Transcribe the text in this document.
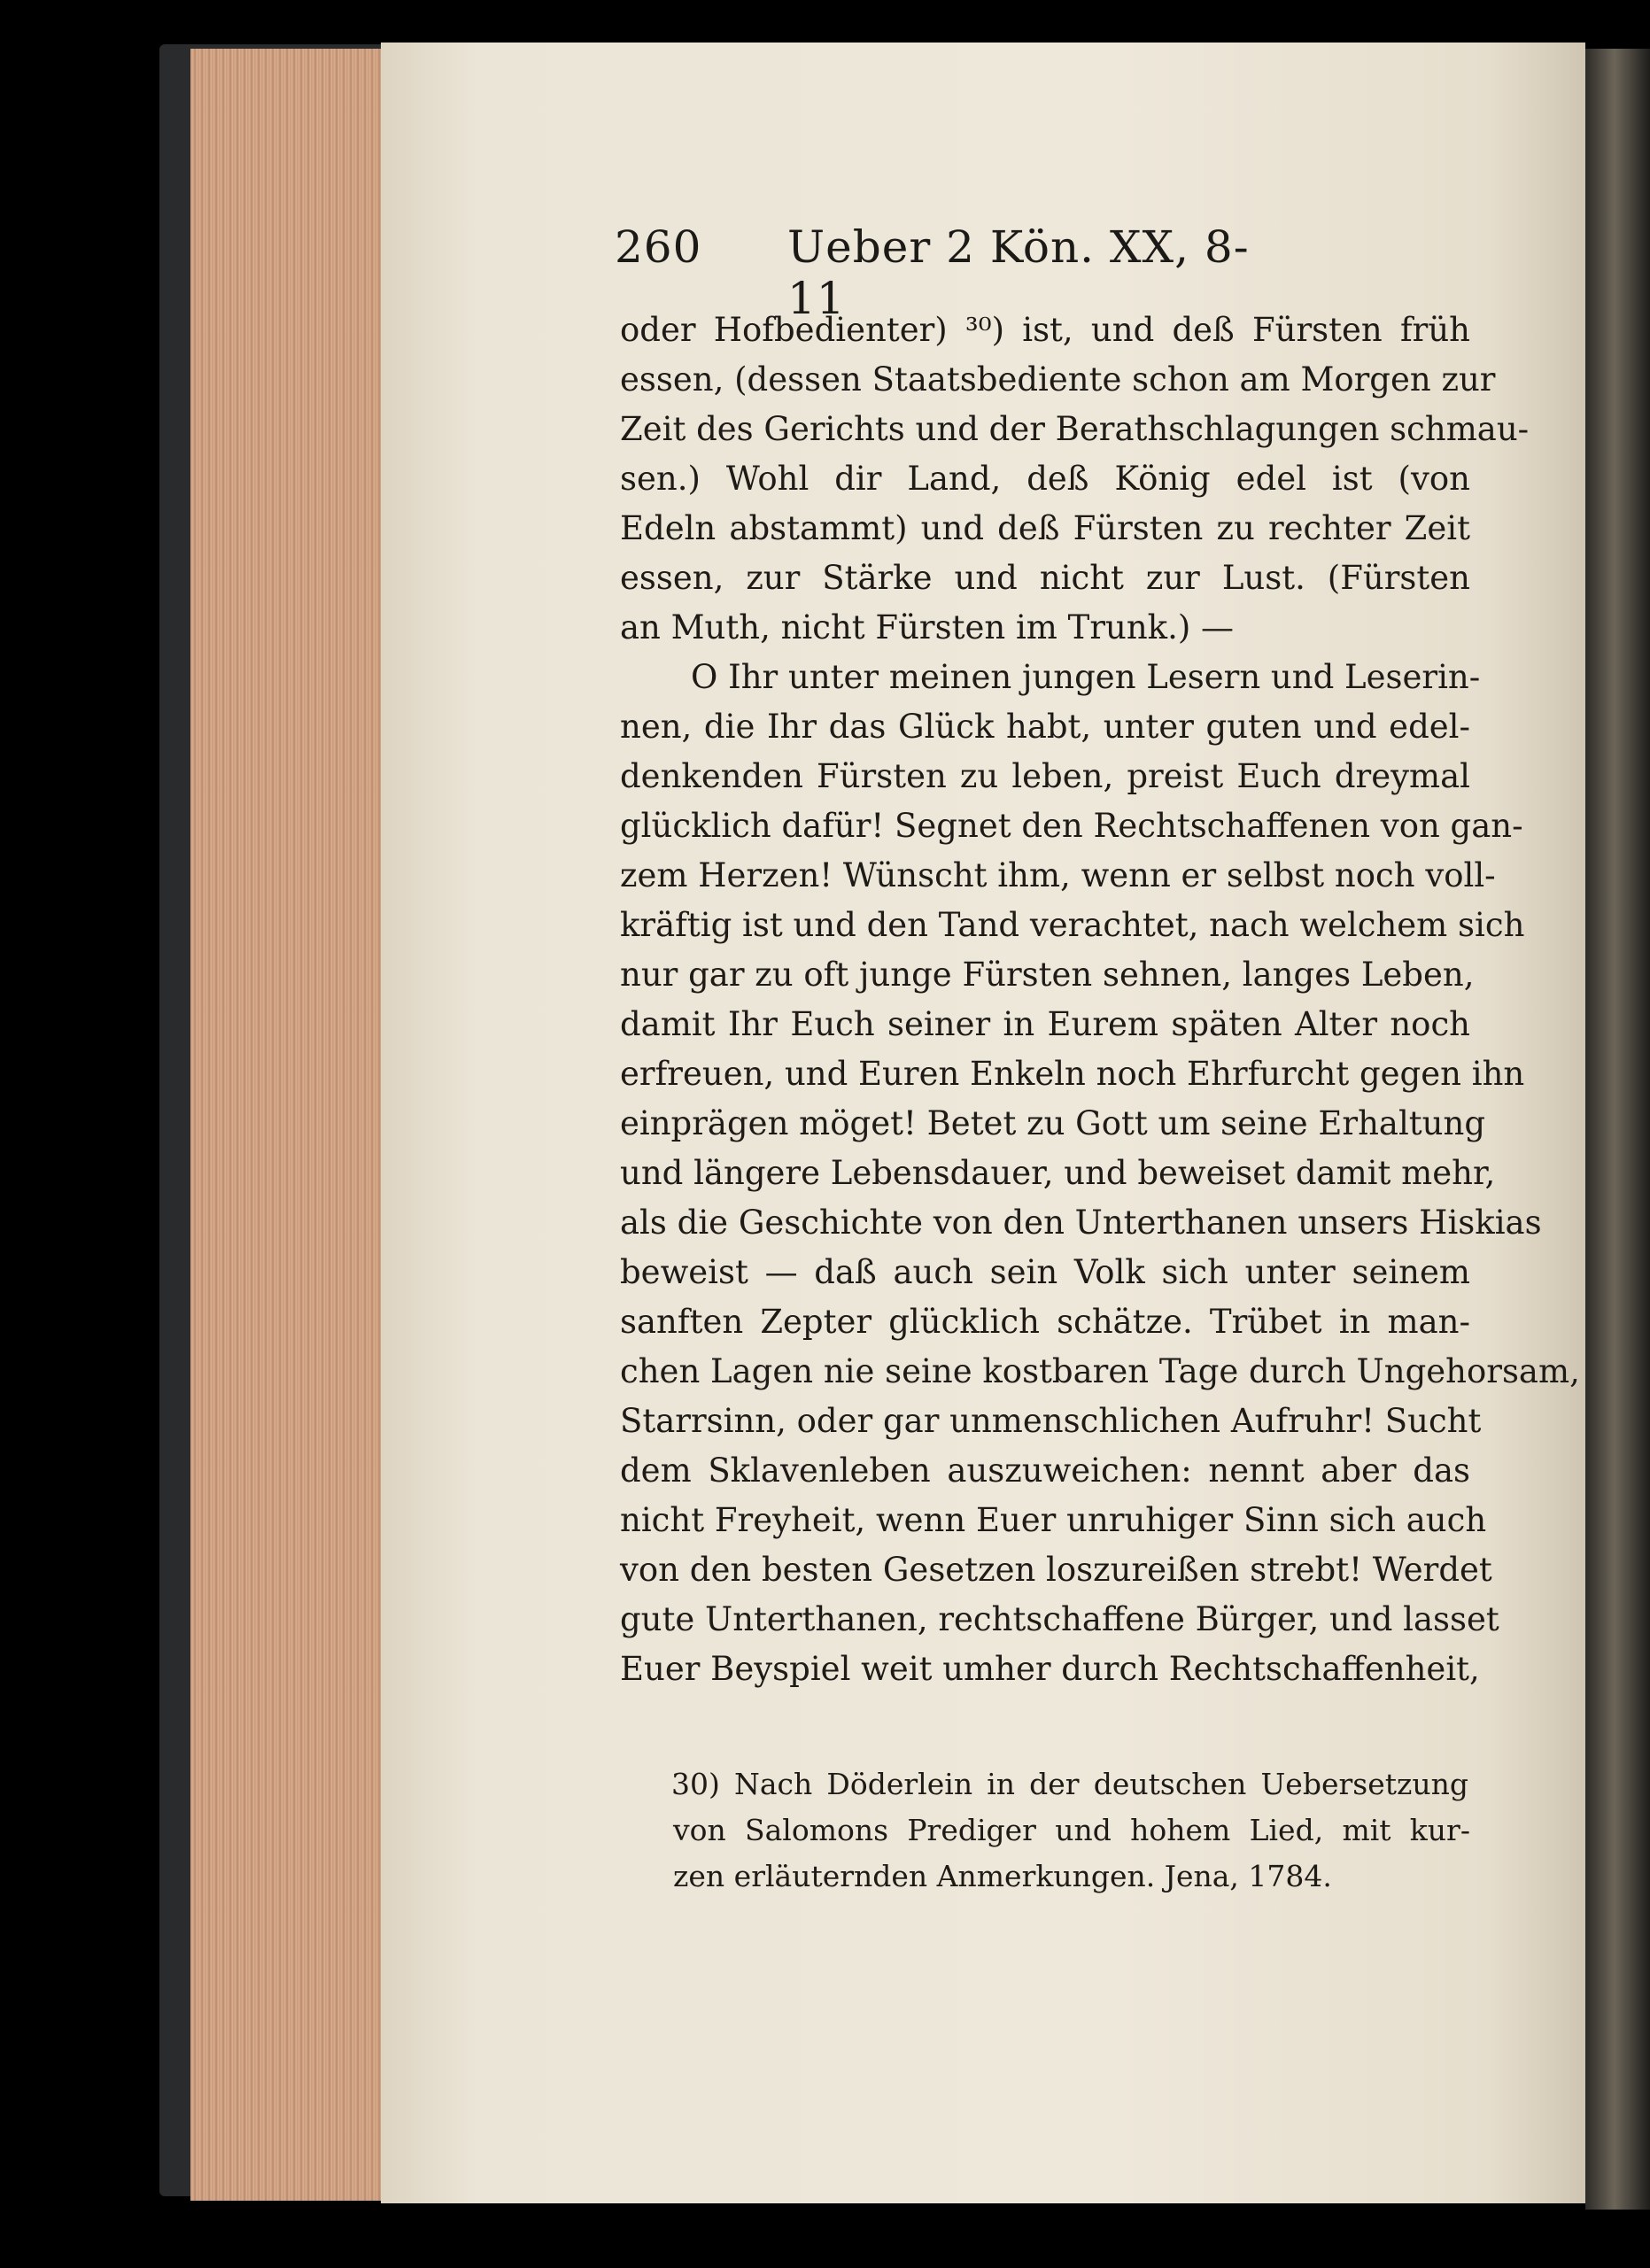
260 Ueber 2 Kön. XX, 8-11
oder Hofbedienter) ³⁰) ist, und deß Fürsten früh
essen, (dessen Staatsbediente schon am Morgen zur
Zeit des Gerichts und der Berathschlagungen schmau-
sen.) Wohl dir Land, deß König edel ist (von
Edeln abstammt) und deß Fürsten zu rechter Zeit
essen, zur Stärke und nicht zur Lust. (Fürsten
an Muth, nicht Fürsten im Trunk.) —
O Ihr unter meinen jungen Lesern und Leserin-
nen, die Ihr das Glück habt, unter guten und edel-
denkenden Fürsten zu leben, preist Euch dreymal
glücklich dafür! Segnet den Rechtschaffenen von gan-
zem Herzen! Wünscht ihm, wenn er selbst noch voll-
kräftig ist und den Tand verachtet, nach welchem sich
nur gar zu oft junge Fürsten sehnen, langes Leben,
damit Ihr Euch seiner in Eurem späten Alter noch
erfreuen, und Euren Enkeln noch Ehrfurcht gegen ihn
einprägen möget! Betet zu Gott um seine Erhaltung
und längere Lebensdauer, und beweiset damit mehr,
als die Geschichte von den Unterthanen unsers Hiskias
beweist — daß auch sein Volk sich unter seinem
sanften Zepter glücklich schätze. Trübet in man-
chen Lagen nie seine kostbaren Tage durch Ungehorsam,
Starrsinn, oder gar unmenschlichen Aufruhr! Sucht
dem Sklavenleben auszuweichen: nennt aber das
nicht Freyheit, wenn Euer unruhiger Sinn sich auch
von den besten Gesetzen loszureißen strebt! Werdet
gute Unterthanen, rechtschaffene Bürger, und lasset
Euer Beyspiel weit umher durch Rechtschaffenheit,
30) Nach Döderlein in der deutschen Uebersetzung
von Salomons Prediger und hohem Lied, mit kur-
zen erläuternden Anmerkungen. Jena, 1784.
